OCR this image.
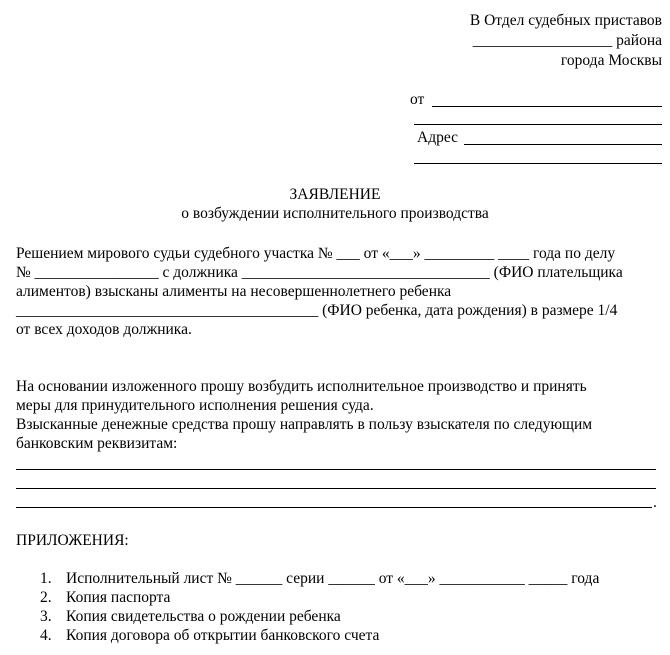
В Отдел судебных приставов
__________________ района
города Москвы
от
Адрес
ЗАЯВЛЕНИЕ
о возбуждении исполнительного производства
Решением мирового судьи судебного участка № ___ от «___» _________ ____ года по делу
№ ________________ с должника ________________________________ (ФИО плательщика
алиментов) взысканы алименты на несовершеннолетнего ребенка
_______________________________________ (ФИО ребенка, дата рождения) в размере 1/4
от всех доходов должника.
На основании изложенного прошу возбудить исполнительное производство и принять
меры для принудительного исполнения решения суда.
Взысканные денежные средства прошу направлять в пользу взыскателя по следующим
банковским реквизитам:
.
ПРИЛОЖЕНИЯ:
1. Исполнительный лист № ______ серии ______ от «___» ___________ _____ года
2. Копия паспорта
3. Копия свидетельства о рождении ребенка
4. Копия договора об открытии банковского счета
